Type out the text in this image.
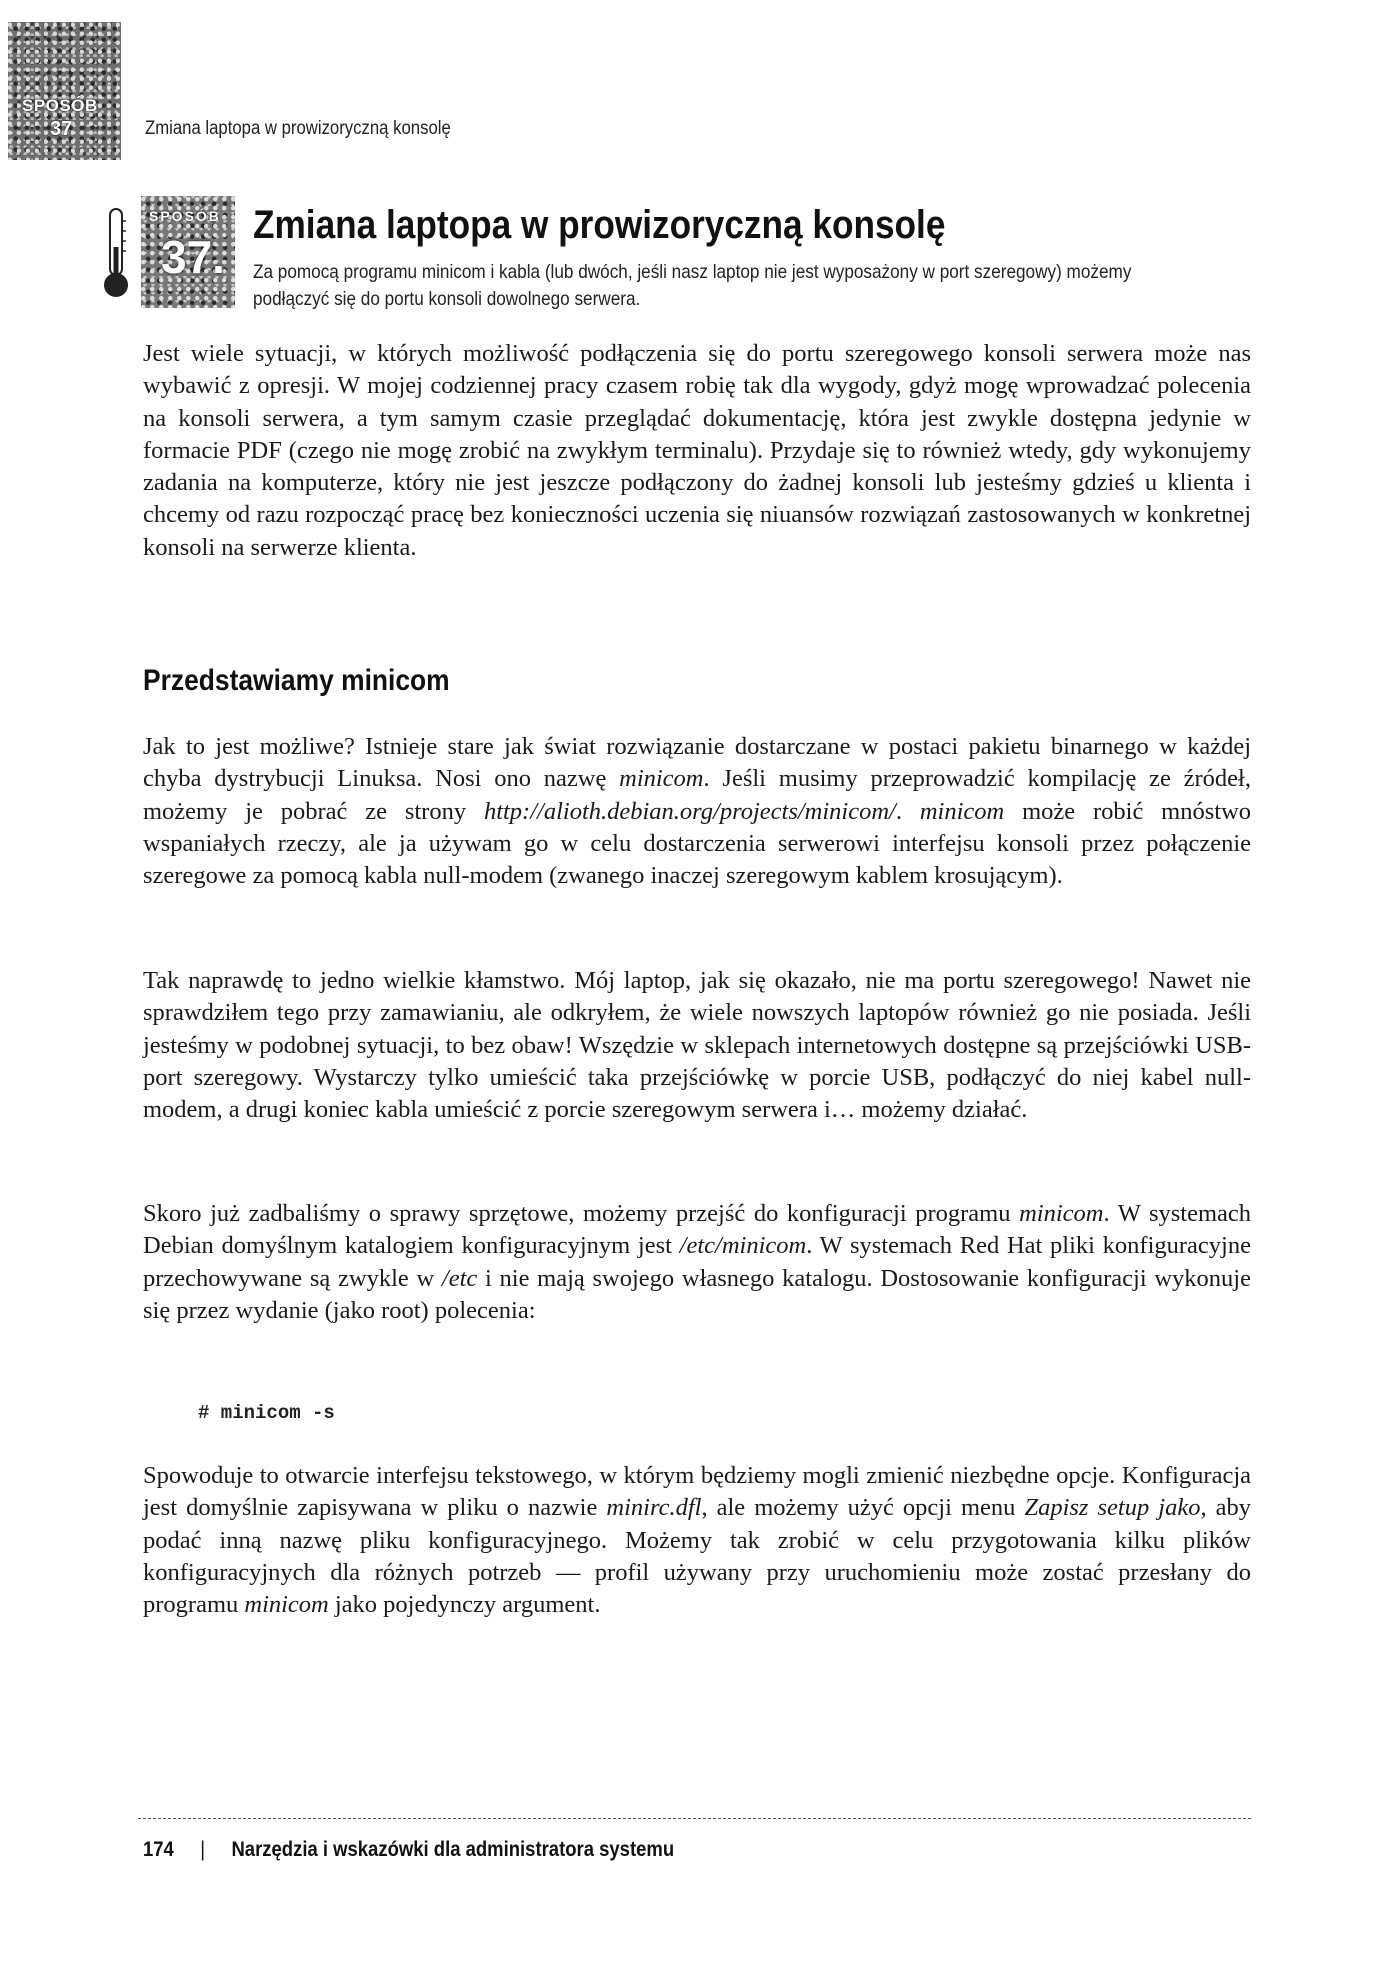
SPOSÓB
37	Zmiana laptopa w prowizoryczną konsolę
SPOSÓB
37.
Zmiana laptopa w prowizoryczną konsolę
Za pomocą programu minicom i kabla (lub dwóch, jeśli nasz laptop nie jest wyposażony w port szeregowy) możemy podłączyć się do portu konsoli dowolnego serwera.

Jest wiele sytuacji, w których możliwość podłączenia się do portu szeregowego konsoli serwera może nas wybawić z opresji. W mojej codziennej pracy czasem robię tak dla wygody, gdyż mogę wprowadzać polecenia na konsoli serwera, a tym samym czasie przeglądać dokumentację, która jest zwykle dostępna jedynie w formacie PDF (czego nie mogę zrobić na zwykłym terminalu). Przydaje się to również wtedy, gdy wykonujemy zadania na komputerze, który nie jest jeszcze podłączony do żadnej konsoli lub jesteśmy gdzieś u klienta i chcemy od razu rozpocząć pracę bez konieczności uczenia się niuansów rozwiązań zastosowanych w konkretnej konsoli na serwerze klienta.

Przedstawiamy minicom

Jak to jest możliwe? Istnieje stare jak świat rozwiązanie dostarczane w postaci pakietu binarnego w każdej chyba dystrybucji Linuksa. Nosi ono nazwę minicom. Jeśli musimy przeprowadzić kompilację ze źródeł, możemy je pobrać ze strony http://alioth.debian.org/projects/minicom/. minicom może robić mnóstwo wspaniałych rzeczy, ale ja używam go w celu dostarczenia serwerowi interfejsu konsoli przez połączenie szeregowe za pomocą kabla null-modem (zwanego inaczej szeregowym kablem krosującym).

Tak naprawdę to jedno wielkie kłamstwo. Mój laptop, jak się okazało, nie ma portu szeregowego! Nawet nie sprawdziłem tego przy zamawianiu, ale odkryłem, że wiele nowszych laptopów również go nie posiada. Jeśli jesteśmy w podobnej sytuacji, to bez obaw! Wszędzie w sklepach internetowych dostępne są przejściówki USB-port szeregowy. Wystarczy tylko umieścić taka przejściówkę w porcie USB, podłączyć do niej kabel null-modem, a drugi koniec kabla umieścić z porcie szeregowym serwera i… możemy działać.

Skoro już zadbaliśmy o sprawy sprzętowe, możemy przejść do konfiguracji programu minicom. W systemach Debian domyślnym katalogiem konfiguracyjnym jest /etc/minicom. W systemach Red Hat pliki konfiguracyjne przechowywane są zwykle w /etc i nie mają swojego własnego katalogu. Dostosowanie konfiguracji wykonuje się przez wydanie (jako root) polecenia:

# minicom -s

Spowoduje to otwarcie interfejsu tekstowego, w którym będziemy mogli zmienić niezbędne opcje. Konfiguracja jest domyślnie zapisywana w pliku o nazwie minirc.dfl, ale możemy użyć opcji menu Zapisz setup jako, aby podać inną nazwę pliku konfiguracyjnego. Możemy tak zrobić w celu przygotowania kilku plików konfiguracyjnych dla różnych potrzeb — profil używany przy uruchomieniu może zostać przesłany do programu minicom jako pojedynczy argument.

174 | Narzędzia i wskazówki dla administratora systemu
